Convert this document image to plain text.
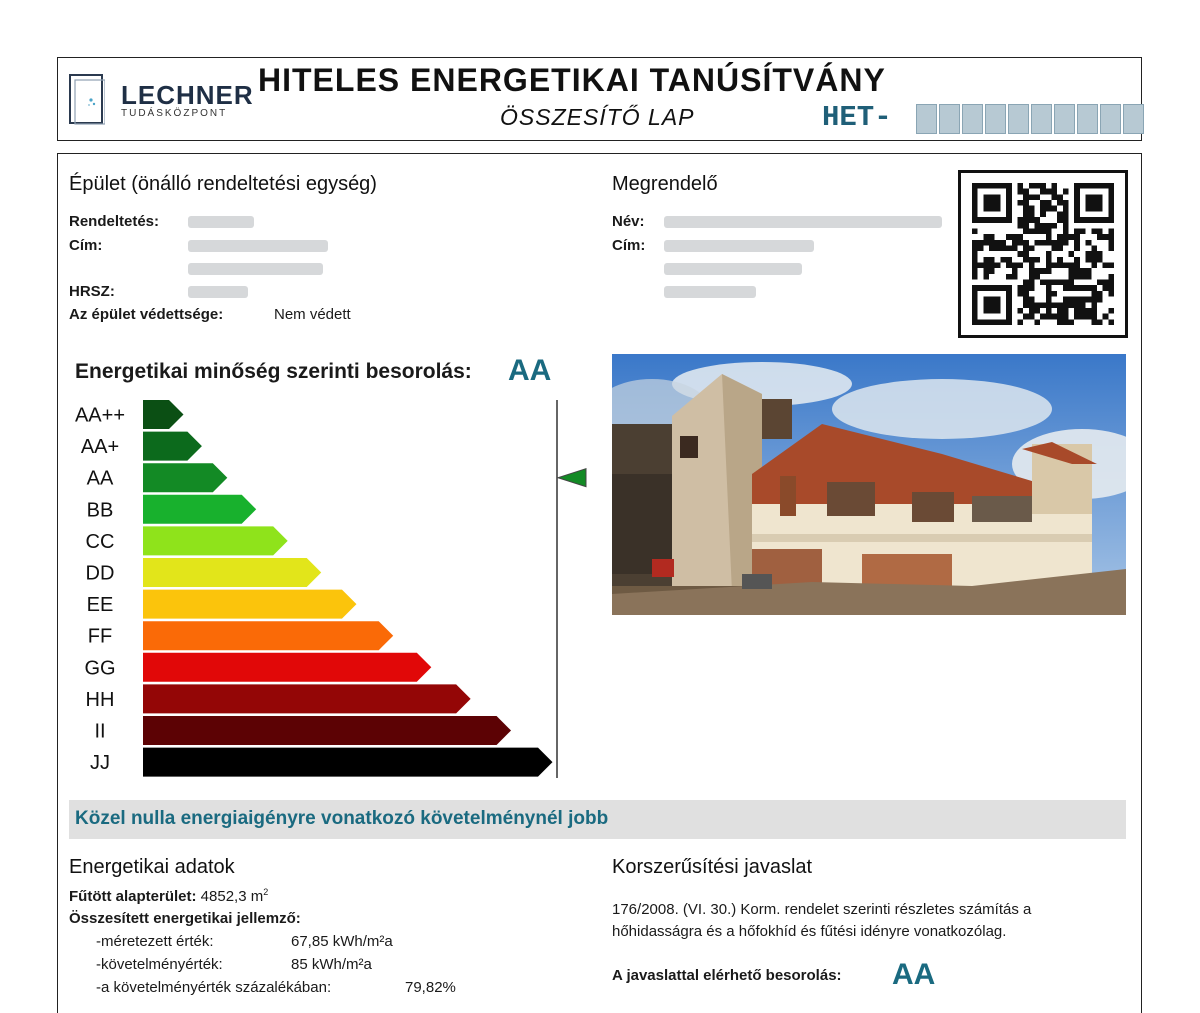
LECHNER
TUDÁSKÖZPONT
HITELES ENERGETIKAI TANÚSÍTVÁNY
ÖSSZESÍTŐ LAP	HET-
Épület (önálló rendeltetési egység)
Rendeltetés:
Cím:
HRSZ:
Az épület védettsége:	Nem védett
Megrendelő
Név:
Cím:
Energetikai minőség szerinti besorolás: AA
AA++
AA+
AA
BB
CC
DD
EE
FF
GG
HH
II
JJ
Közel nulla energiaigényre vonatkozó követelménynél jobb
Energetikai adatok
Fűtött alapterület: 4852,3 $m^2$
Összesített energetikai jellemző:
-méretezett érték:	67,85 kWh/m²a
-követelményérték:	85 kWh/m²a
-a követelményérték százalékában:	79,82%
Korszerűsítési javaslat
176/2008. (VI. 30.) Korm. rendelet szerinti részletes számítás a
hőhidasságra és a hőfokhíd és fűtési idényre vonatkozólag.
A javaslattal elérhető besorolás: AA
